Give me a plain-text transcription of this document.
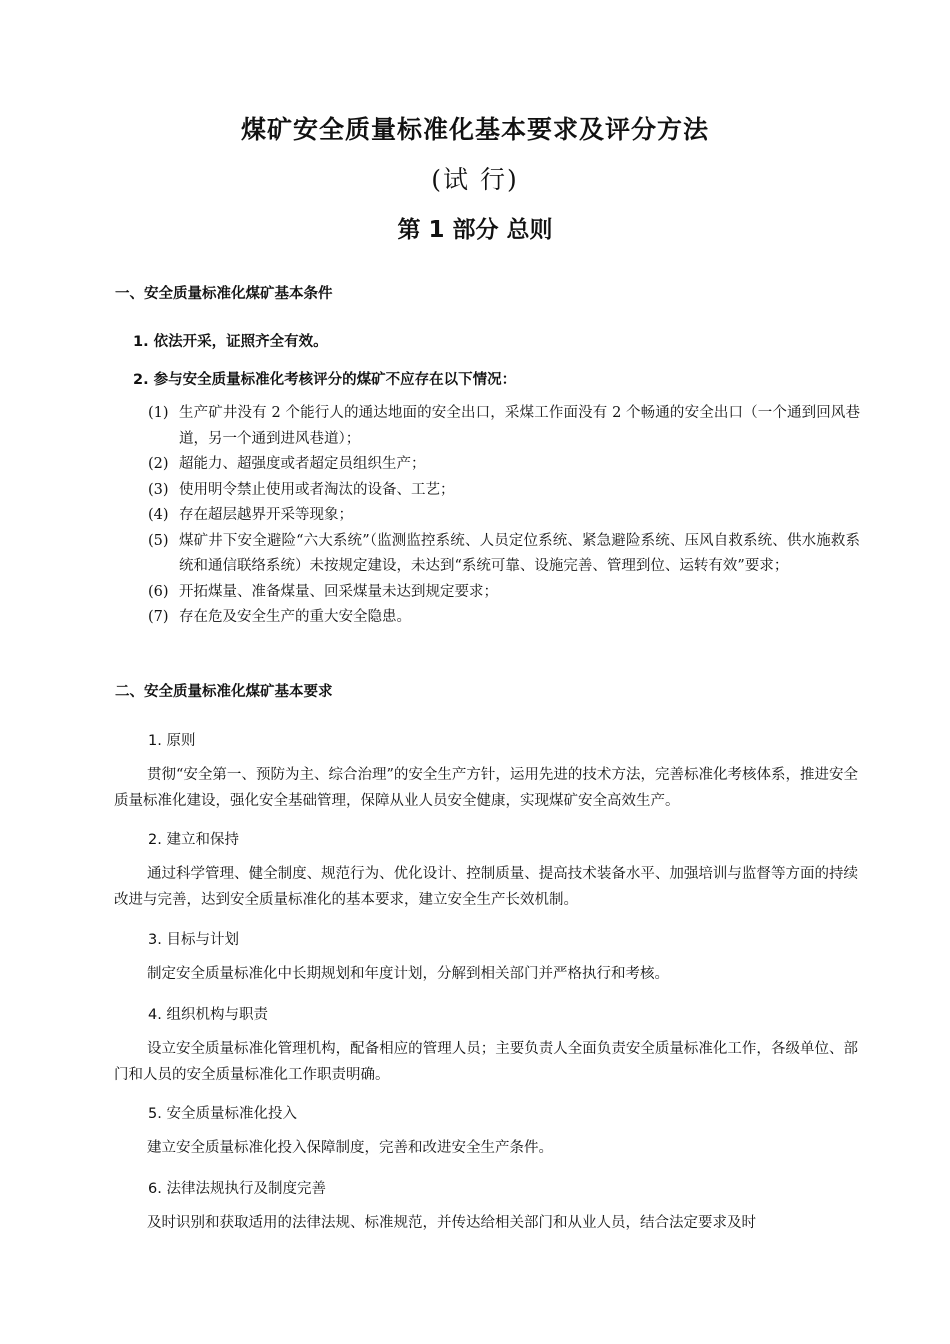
煤矿安全质量标准化基本要求及评分方法
(试 行)
第 1 部分 总则
一、安全质量标准化煤矿基本条件
1. 依法开采，证照齐全有效。
2. 参与安全质量标准化考核评分的煤矿不应存在以下情况：
(1) 生产矿井没有 2 个能行人的通达地面的安全出口，采煤工作面没有 2 个畅通的安全出口（一个通到回风巷道，另一个通到进风巷道）；
(2) 超能力、超强度或者超定员组织生产；
(3) 使用明令禁止使用或者淘汰的设备、工艺；
(4) 存在超层越界开采等现象；
(5) 煤矿井下安全避险“六大系统”（监测监控系统、人员定位系统、紧急避险系统、压风自救系统、供水施救系统和通信联络系统）未按规定建设，未达到“系统可靠、设施完善、管理到位、运转有效”要求；
(6) 开拓煤量、准备煤量、回采煤量未达到规定要求；
(7) 存在危及安全生产的重大安全隐患。
二、安全质量标准化煤矿基本要求
1. 原则

贯彻“安全第一、预防为主、综合治理”的安全生产方针，运用先进的技术方法，完善标准化考核体系，推进安全质量标准化建设，强化安全基础管理，保障从业人员安全健康，实现煤矿安全高效生产。

2. 建立和保持

通过科学管理、健全制度、规范行为、优化设计、控制质量、提高技术装备水平、加强培训与监督等方面的持续改进与完善，达到安全质量标准化的基本要求，建立安全生产长效机制。

3. 目标与计划

制定安全质量标准化中长期规划和年度计划，分解到相关部门并严格执行和考核。

4. 组织机构与职责

设立安全质量标准化管理机构，配备相应的管理人员；主要负责人全面负责安全质量标准化工作，各级单位、部门和人员的安全质量标准化工作职责明确。

5. 安全质量标准化投入

建立安全质量标准化投入保障制度，完善和改进安全生产条件。

6. 法律法规执行及制度完善

及时识别和获取适用的法律法规、标准规范，并传达给相关部门和从业人员，结合法定要求及时
